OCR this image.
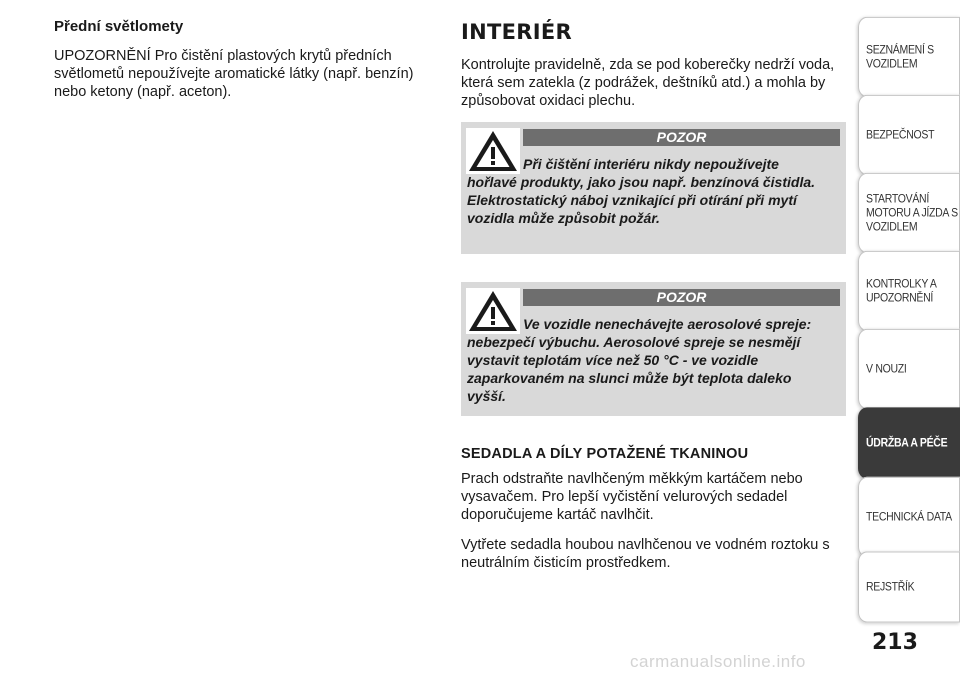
Přední světlomety

UPOZORNĚNÍ Pro čistění plastových krytů předních světlometů nepoužívejte aromatické látky (např. benzín) nebo ketony (např. aceton).

INTERIÉR

Kontrolujte pravidelně, zda se pod koberečky nedrží voda, která sem zatekla (z podrážek, deštníků atd.) a mohla by způsobovat oxidaci plechu.

POZOR
Při čištění interiéru nikdy nepoužívejte hořlavé produkty, jako jsou např. benzínová čistidla. Elektrostatický náboj vznikající při otírání při mytí vozidla může způsobit požár.
POZOR
Ve vozidle nenechávejte aerosolové spreje: nebezpečí výbuchu. Aerosolové spreje se nesmějí vystavit teplotám více než 50 °C - ve vozidle zaparkovaném na slunci může být teplota daleko vyšší.
SEDADLA A DÍLY POTAŽENÉ TKANINOU

Prach odstraňte navlhčeným měkkým kartáčem nebo vysavačem. Pro lepší vyčistění velurových sedadel doporučujeme kartáč navlhčit.

Vytřete sedadla houbou navlhčenou ve vodném roztoku s neutrálním čisticím prostředkem.

SEZNÁMENÍ S VOZIDLEM
BEZPEČNOST
STARTOVÁNÍ MOTORU A JÍZDA S VOZIDLEM
KONTROLKY A UPOZORNĚNÍ
V NOUZI
ÚDRŽBA A PÉČE
TECHNICKÁ DATA
REJSTŘÍK
213
carmanualsonline.info
